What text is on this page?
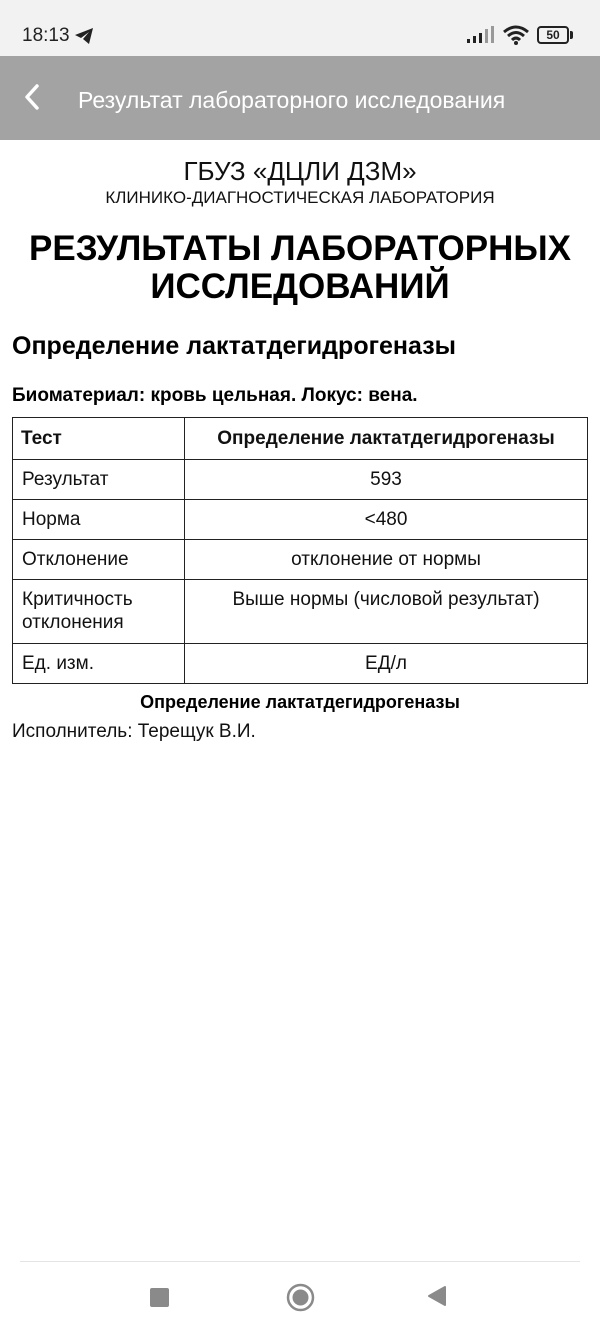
18:13	50
Результат лабораторного исследования
ГБУЗ «ДЦЛИ ДЗМ»
КЛИНИКО-ДИАГНОСТИЧЕСКАЯ ЛАБОРАТОРИЯ
РЕЗУЛЬТАТЫ ЛАБОРАТОРНЫХ
ИССЛЕДОВАНИЙ
Определение лактатдегидрогеназы
Биоматериал: кровь цельная. Локус: вена.
Тест	Определение лактатдегидрогеназы
Результат	593
Норма	<480
Отклонение	отклонение от нормы
Критичность отклонения	Выше нормы (числовой результат)
Ед. изм.	ЕД/л
Определение лактатдегидрогеназы
Исполнитель: Терещук В.И.
